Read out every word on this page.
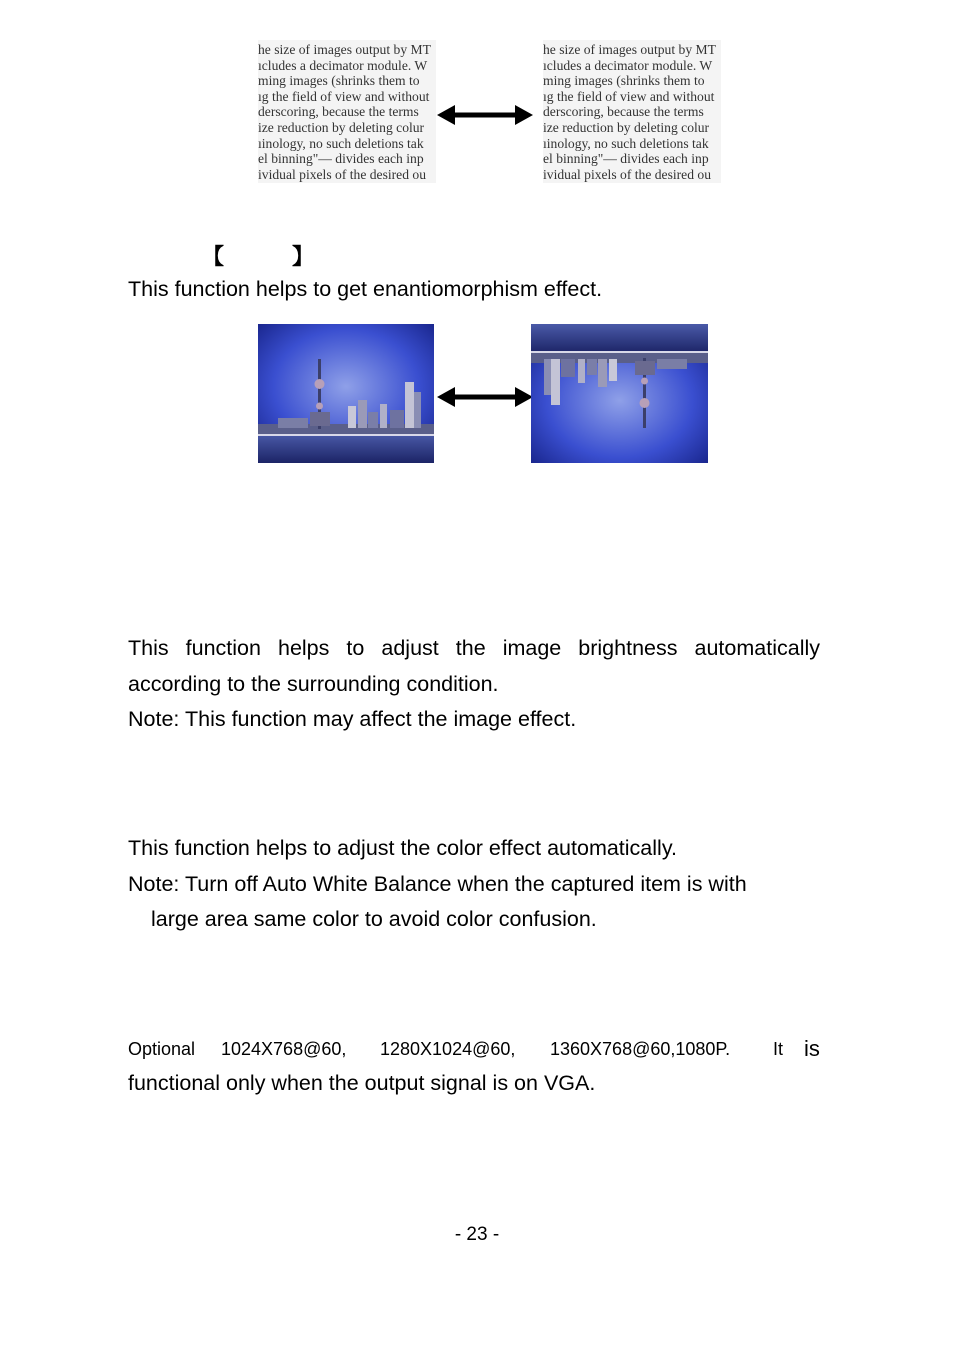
he size of images output by MT
ıcludes a decimator module. W
ming images (shrinks them to
ıg the field of view and without
derscoring, because the terms
ize reduction by deleting colur
ıinology, no such deletions tak
el binning"— divides each inp
ividual pixels of the desired ou
he size of images output by MT
ıcludes a decimator module. W
ming images (shrinks them to
ıg the field of view and without
derscoring, because the terms
ize reduction by deleting colur
ıinology, no such deletions tak
el binning"— divides each inp
ividual pixels of the desired ou
【	】

This function helps to get enantiomorphism effect.

This function helps to adjust the image brightness automatically

according to the surrounding condition.

Note: This function may affect the image effect.

This function helps to adjust the color effect automatically.

Note: Turn off Auto White Balance when the captured item is with

large area same color to avoid color confusion.

Optional 1024X768@60, 1280X1024@60, 1360X768@60,1080P. It is

functional only when the output signal is on VGA.

- 23 -
